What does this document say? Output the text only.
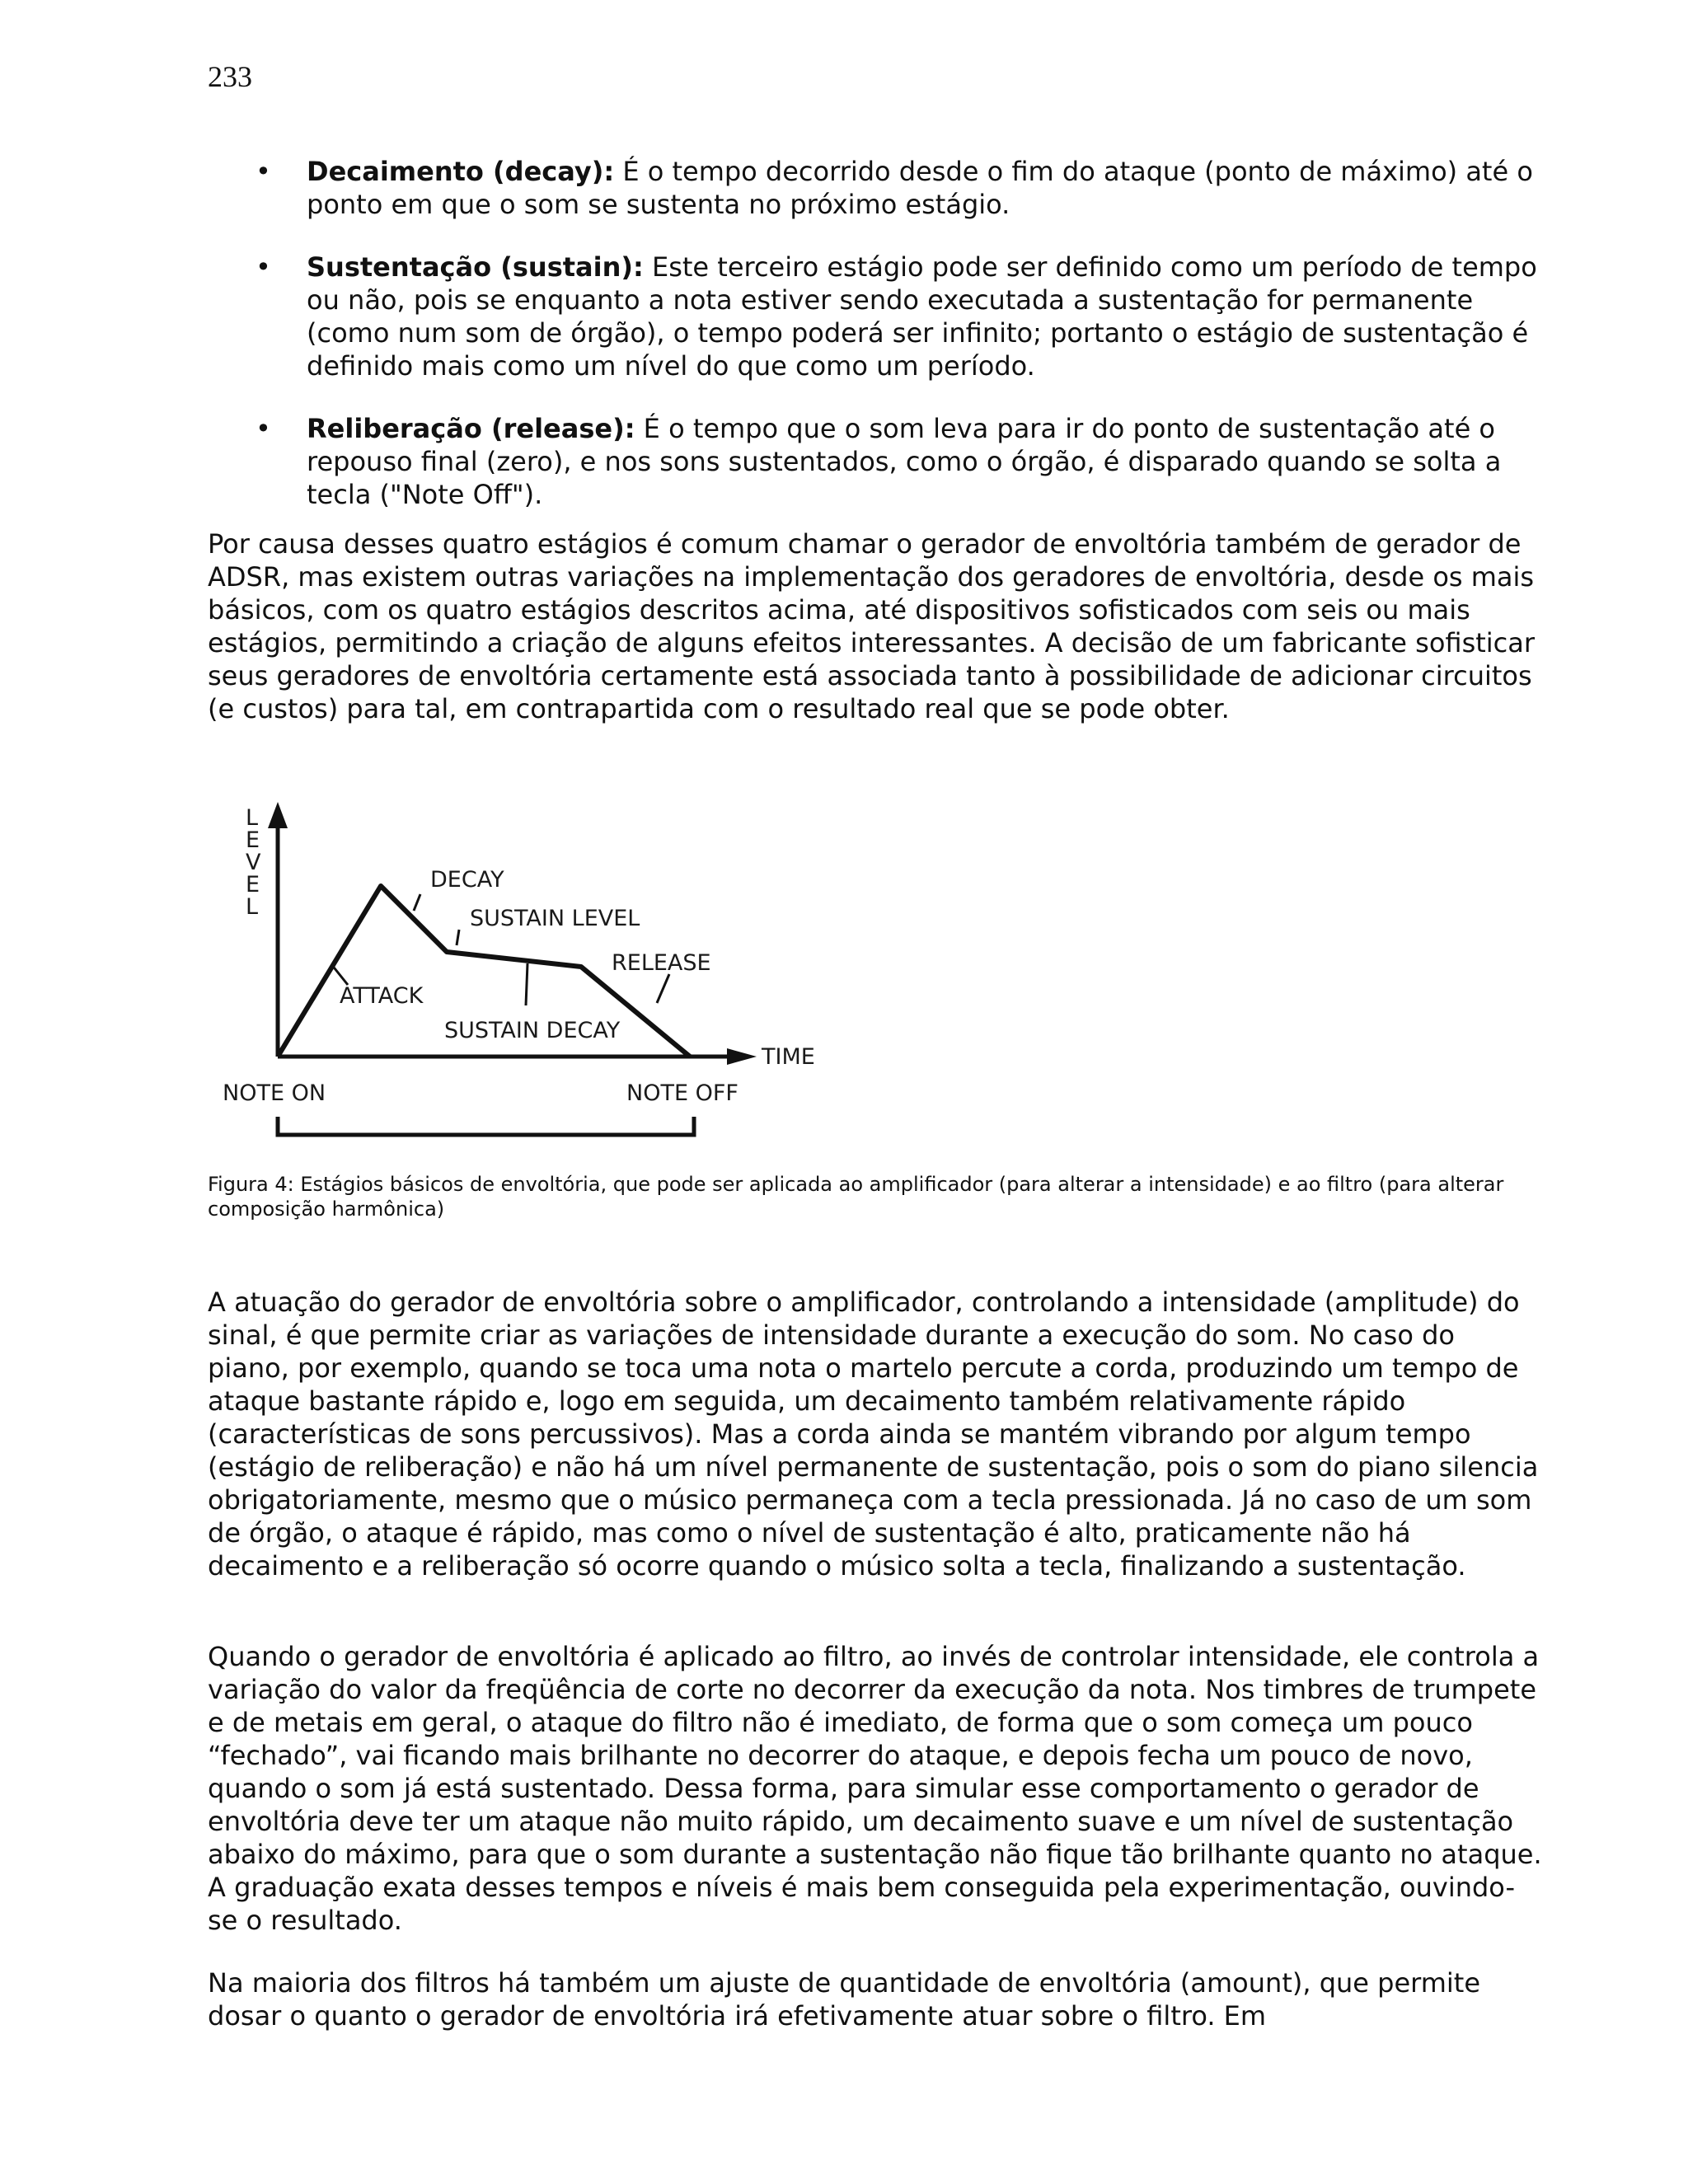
233
• Decaimento (decay): É o tempo decorrido desde o fim do ataque (ponto de máximo) até o ponto em que o som se sustenta no próximo estágio.
• Sustentação (sustain): Este terceiro estágio pode ser definido como um período de tempo ou não, pois se enquanto a nota estiver sendo executada a sustentação for permanente (como num som de órgão), o tempo poderá ser infinito; portanto o estágio de sustentação é definido mais como um nível do que como um período.
• Reliberação (release): É o tempo que o som leva para ir do ponto de sustentação até o repouso final (zero), e nos sons sustentados, como o órgão, é disparado quando se solta a tecla ("Note Off").

Por causa desses quatro estágios é comum chamar o gerador de envoltória também de gerador de ADSR, mas existem outras variações na implementação dos geradores de envoltória, desde os mais básicos, com os quatro estágios descritos acima, até dispositivos sofisticados com seis ou mais estágios, permitindo a criação de alguns efeitos interessantes. A decisão de um fabricante sofisticar seus geradores de envoltória certamente está associada tanto à possibilidade de adicionar circuitos (e custos) para tal, em contrapartida com o resultado real que se pode obter.

L
E
V
E
L
DECAY
SUSTAIN LEVEL
RELEASE
ATTACK
SUSTAIN DECAY
TIME
NOTE ON	NOTE OFF
Figura 4: Estágios básicos de envoltória, que pode ser aplicada ao amplificador (para alterar a intensidade) e ao filtro (para alterar composição harmônica)

A atuação do gerador de envoltória sobre o amplificador, controlando a intensidade (amplitude) do sinal, é que permite criar as variações de intensidade durante a execução do som. No caso do piano, por exemplo, quando se toca uma nota o martelo percute a corda, produzindo um tempo de ataque bastante rápido e, logo em seguida, um decaimento também relativamente rápido (características de sons percussivos). Mas a corda ainda se mantém vibrando por algum tempo (estágio de reliberação) e não há um nível permanente de sustentação, pois o som do piano silencia obrigatoriamente, mesmo que o músico permaneça com a tecla pressionada. Já no caso de um som de órgão, o ataque é rápido, mas como o nível de sustentação é alto, praticamente não há decaimento e a reliberação só ocorre quando o músico solta a tecla, finalizando a sustentação.

Quando o gerador de envoltória é aplicado ao filtro, ao invés de controlar intensidade, ele controla a variação do valor da freqüência de corte no decorrer da execução da nota. Nos timbres de trumpete e de metais em geral, o ataque do filtro não é imediato, de forma que o som começa um pouco “fechado”, vai ficando mais brilhante no decorrer do ataque, e depois fecha um pouco de novo, quando o som já está sustentado. Dessa forma, para simular esse comportamento o gerador de envoltória deve ter um ataque não muito rápido, um decaimento suave e um nível de sustentação abaixo do máximo, para que o som durante a sustentação não fique tão brilhante quanto no ataque. A graduação exata desses tempos e níveis é mais bem conseguida pela experimentação, ouvindo-se o resultado.

Na maioria dos filtros há também um ajuste de quantidade de envoltória (amount), que permite dosar o quanto o gerador de envoltória irá efetivamente atuar sobre o filtro. Em
